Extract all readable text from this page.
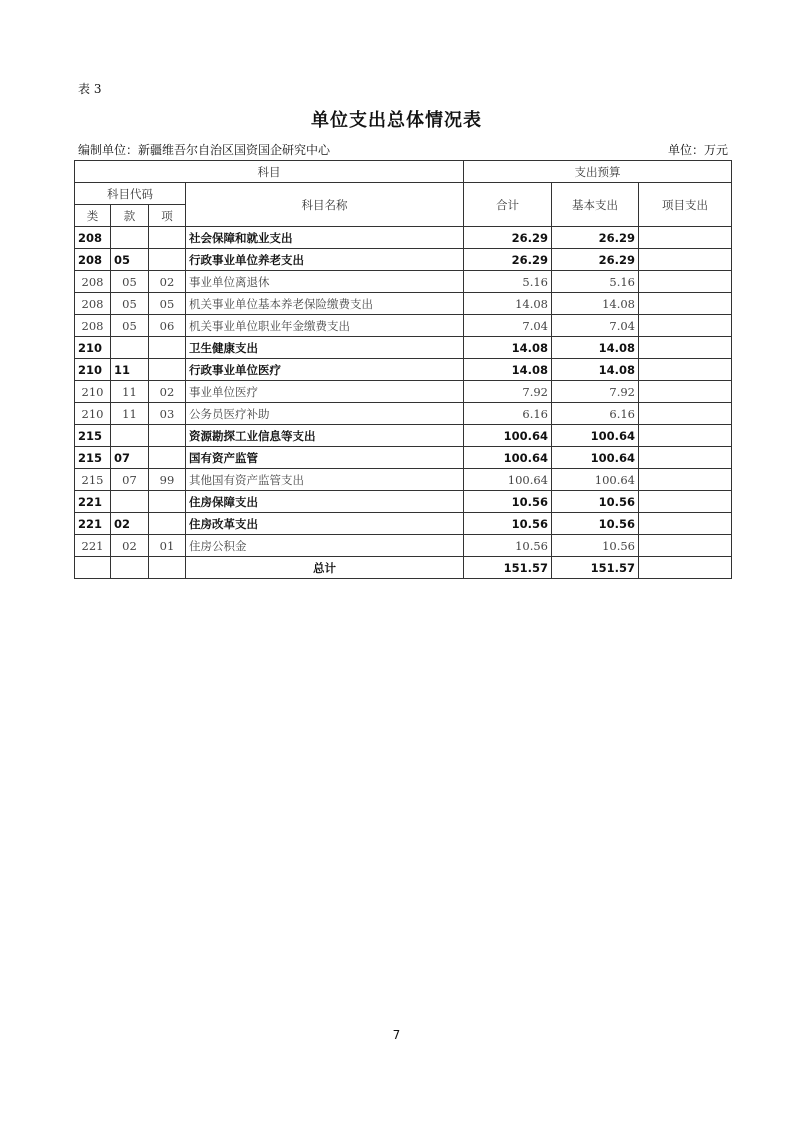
表 3
单位支出总体情况表
编制单位：新疆维吾尔自治区国资国企研究中心	单位：万元
科目				支出预算		
科目代码			科目名称	合计	基本支出	项目支出
类	款	项				
208			社会保障和就业支出	26.29	26.29	
208	05		行政事业单位养老支出	26.29	26.29	
208	05	02	事业单位离退休	5.16	5.16	
208	05	05	机关事业单位基本养老保险缴费支出	14.08	14.08	
208	05	06	机关事业单位职业年金缴费支出	7.04	7.04	
210			卫生健康支出	14.08	14.08	
210	11		行政事业单位医疗	14.08	14.08	
210	11	02	事业单位医疗	7.92	7.92	
210	11	03	公务员医疗补助	6.16	6.16	
215			资源勘探工业信息等支出	100.64	100.64	
215	07		国有资产监管	100.64	100.64	
215	07	99	其他国有资产监管支出	100.64	100.64	
221			住房保障支出	10.56	10.56	
221	02		住房改革支出	10.56	10.56	
221	02	01	住房公积金	10.56	10.56	
			总计	151.57	151.57	
7
